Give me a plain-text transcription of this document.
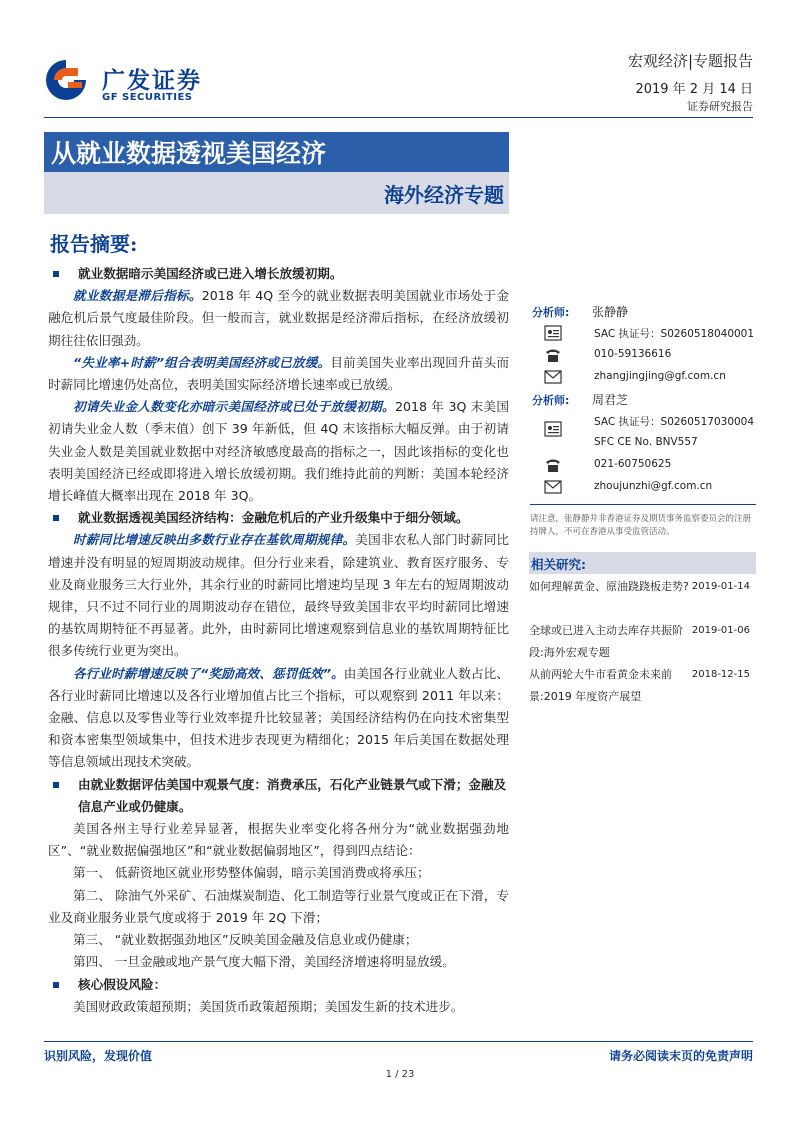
广发证券
GF SECURITIES
宏观经济|专题报告
2019 年 2 月 14 日
证券研究报告
从就业数据透视美国经济
海外经济专题
报告摘要:
就业数据暗示美国经济或已进入增长放缓初期。
就业数据是滞后指标。2018 年 4Q 至今的就业数据表明美国就业市场处于金融危机后景气度最佳阶段。但一般而言，就业数据是经济滞后指标，在经济放缓初期往往依旧强劲。
“失业率+时薪”组合表明美国经济或已放缓。目前美国失业率出现回升苗头而时薪同比增速仍处高位，表明美国实际经济增长速率或已放缓。
初请失业金人数变化亦暗示美国经济或已处于放缓初期。2018 年 3Q 末美国初请失业金人数（季末值）创下 39 年新低，但 4Q 末该指标大幅反弹。由于初请失业金人数是美国就业数据中对经济敏感度最高的指标之一，因此该指标的变化也表明美国经济已经或即将进入增长放缓初期。我们维持此前的判断：美国本轮经济增长峰值大概率出现在 2018 年 3Q。
就业数据透视美国经济结构：金融危机后的产业升级集中于细分领域。
时薪同比增速反映出多数行业存在基钦周期规律。美国非农私人部门时薪同比增速并没有明显的短周期波动规律。但分行业来看，除建筑业、教育医疗服务、专业及商业服务三大行业外，其余行业的时薪同比增速均呈现 3 年左右的短周期波动规律，只不过不同行业的周期波动存在错位，最终导致美国非农平均时薪同比增速的基钦周期特征不再显著。此外，由时薪同比增速观察到信息业的基钦周期特征比很多传统行业更为突出。
各行业时薪增速反映了“奖励高效、惩罚低效”。由美国各行业就业人数占比、各行业时薪同比增速以及各行业增加值占比三个指标，可以观察到 2011 年以来：金融、信息以及零售业等行业效率提升比较显著；美国经济结构仍在向技术密集型和资本密集型领域集中，但技术进步表现更为精细化；2015 年后美国在数据处理等信息领域出现技术突破。
由就业数据评估美国中观景气度：消费承压，石化产业链景气或下滑；金融及信息产业或仍健康。
美国各州主导行业差异显著，根据失业率变化将各州分为“就业数据强劲地区”、“就业数据偏强地区”和“就业数据偏弱地区”，得到四点结论：
第一、 低薪资地区就业形势整体偏弱，暗示美国消费或将承压；
第二、 除油气外采矿、石油煤炭制造、化工制造等行业景气度或正在下滑，专业及商业服务业景气度或将于 2019 年 2Q 下滑；
第三、 “就业数据强劲地区”反映美国金融及信息业或仍健康；
第四、 一旦金融或地产景气度大幅下滑，美国经济增速将明显放缓。
核心假设风险：
美国财政政策超预期；美国货币政策超预期；美国发生新的技术进步。
分析师: 张静静
SAC 执证号：S0260518040001
010-59136616
zhangjingjing@gf.com.cn
分析师: 周君芝
SAC 执证号：S0260517030004
SFC CE No. BNV557
021-60750625
zhoujunzhi@gf.com.cn
请注意，张静静并非香港证券及期货事务监察委员会的注册持牌人，不可在香港从事受监管活动。
相关研究:
如何理解黄金、原油跷跷板走势? 2019-01-14
全球或已进入主动去库存共振阶段:海外宏观专题
2019-01-06
从前两轮大牛市看黄金未来前景:2019 年度资产展望
2018-12-15
识别风险，发现价值	请务必阅读末页的免责声明
1 / 23
